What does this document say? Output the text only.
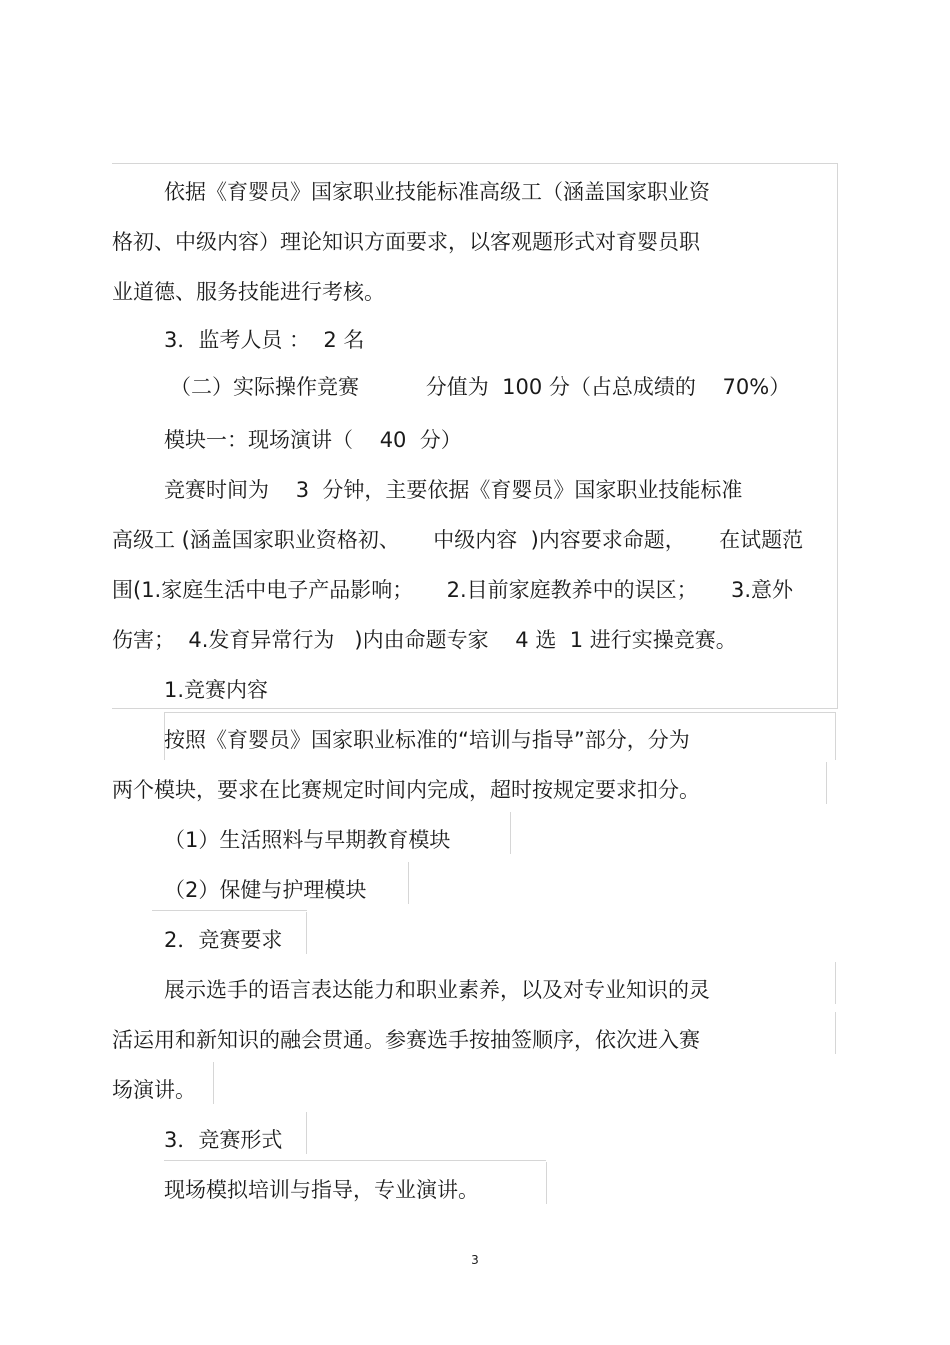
依据《育婴员》国家职业技能标准高级工（涵盖国家职业资

格初、中级内容）理论知识方面要求，以客观题形式对育婴员职

业道德、服务技能进行考核。

3．监考人员 ：  2 名

（二）实际操作竞赛          分值为  100 分（占总成绩的    70%）

模块一：现场演讲（    40  分）

竞赛时间为    3  分钟，主要依据《育婴员》国家职业技能标准

高级工 (涵盖国家职业资格初、     中级内容  )内容要求命题，     在试题范

围(1.家庭生活中电子产品影响；     2.目前家庭教养中的误区；     3.意外

伤害；  4.发育异常行为   )内由命题专家    4 选  1 进行实操竞赛。

1.竞赛内容

按照《育婴员》国家职业标准的“培训与指导”部分，分为

两个模块，要求在比赛规定时间内完成，超时按规定要求扣分。

（1）生活照料与早期教育模块

（2）保健与护理模块

2．竞赛要求

展示选手的语言表达能力和职业素养，以及对专业知识的灵

活运用和新知识的融会贯通。参赛选手按抽签顺序，依次进入赛

场演讲。

3．竞赛形式

现场模拟培训与指导，专业演讲。

3
